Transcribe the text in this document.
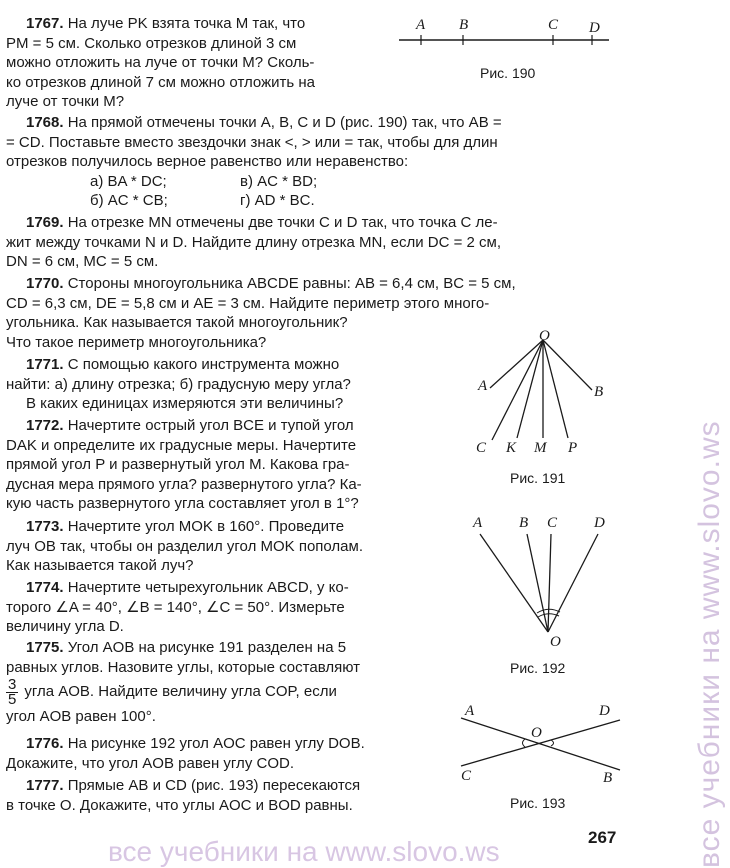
1767. На луче PK взята точка M так, что
PM = 5 см. Сколько отрезков длиной 3 см
можно отложить на луче от точки M? Сколь-
ко отрезков длиной 7 см можно отложить на
луче от точки M?
A B	C D
Рис. 190
1768. На прямой отмечены точки A, B, C и D (рис. 190) так, что AB =
= CD. Поставьте вместо звездочки знак <, > или = так, чтобы для длин
отрезков получилось верное равенство или неравенство:
а) BA * DC;
б) AC * CB;
в) AC * BD;
г) AD * BC.
1769. На отрезке MN отмечены две точки C и D так, что точка C ле-
жит между точками N и D. Найдите длину отрезка MN, если DC = 2 см,
DN = 6 см, MC = 5 см.
1770. Стороны многоугольника ABCDE равны: AB = 6,4 см, BC = 5 см,
CD = 6,3 см, DE = 5,8 см и AE = 3 см. Найдите периметр этого много-
угольника. Как называется такой многоугольник?
Что такое периметр многоугольника?
1771. С помощью какого инструмента можно
найти: а) длину отрезка; б) градусную меру угла?
В каких единицах измеряются эти величины?
O
A	B
C K M P
Рис. 191
1772. Начертите острый угол BCE и тупой угол
DAK и определите их градусные меры. Начертите
прямой угол P и развернутый угол M. Какова гра-
дусная мера прямого угла? развернутого угла? Ка-
кую часть развернутого угла составляет угол в 1°?
1773. Начертите угол MOK в 160°. Проведите
луч OB так, чтобы он разделил угол MOK пополам.
Как называется такой луч?
A B C D
O
Рис. 192
1774. Начертите четырехугольник ABCD, у ко-
торого ∠A = 40°, ∠B = 140°, ∠C = 50°. Измерьте
величину угла D.
1775. Угол AOB на рисунке 191 разделен на 5
равных углов. Назовите углы, которые составляют
$\frac{3}{5}$ угла AOB. Найдите величину угла COP, если
угол AOB равен 100°.
1776. На рисунке 192 угол AOC равен углу DOB.
Докажите, что угол AOB равен углу COD.
A	D
O
C	B
Рис. 193
1777. Прямые AB и CD (рис. 193) пересекаются
в точке O. Докажите, что углы AOC и BOD равны.
267	все учебники на www.slovo.ws
все учебники на www.slovo.ws
